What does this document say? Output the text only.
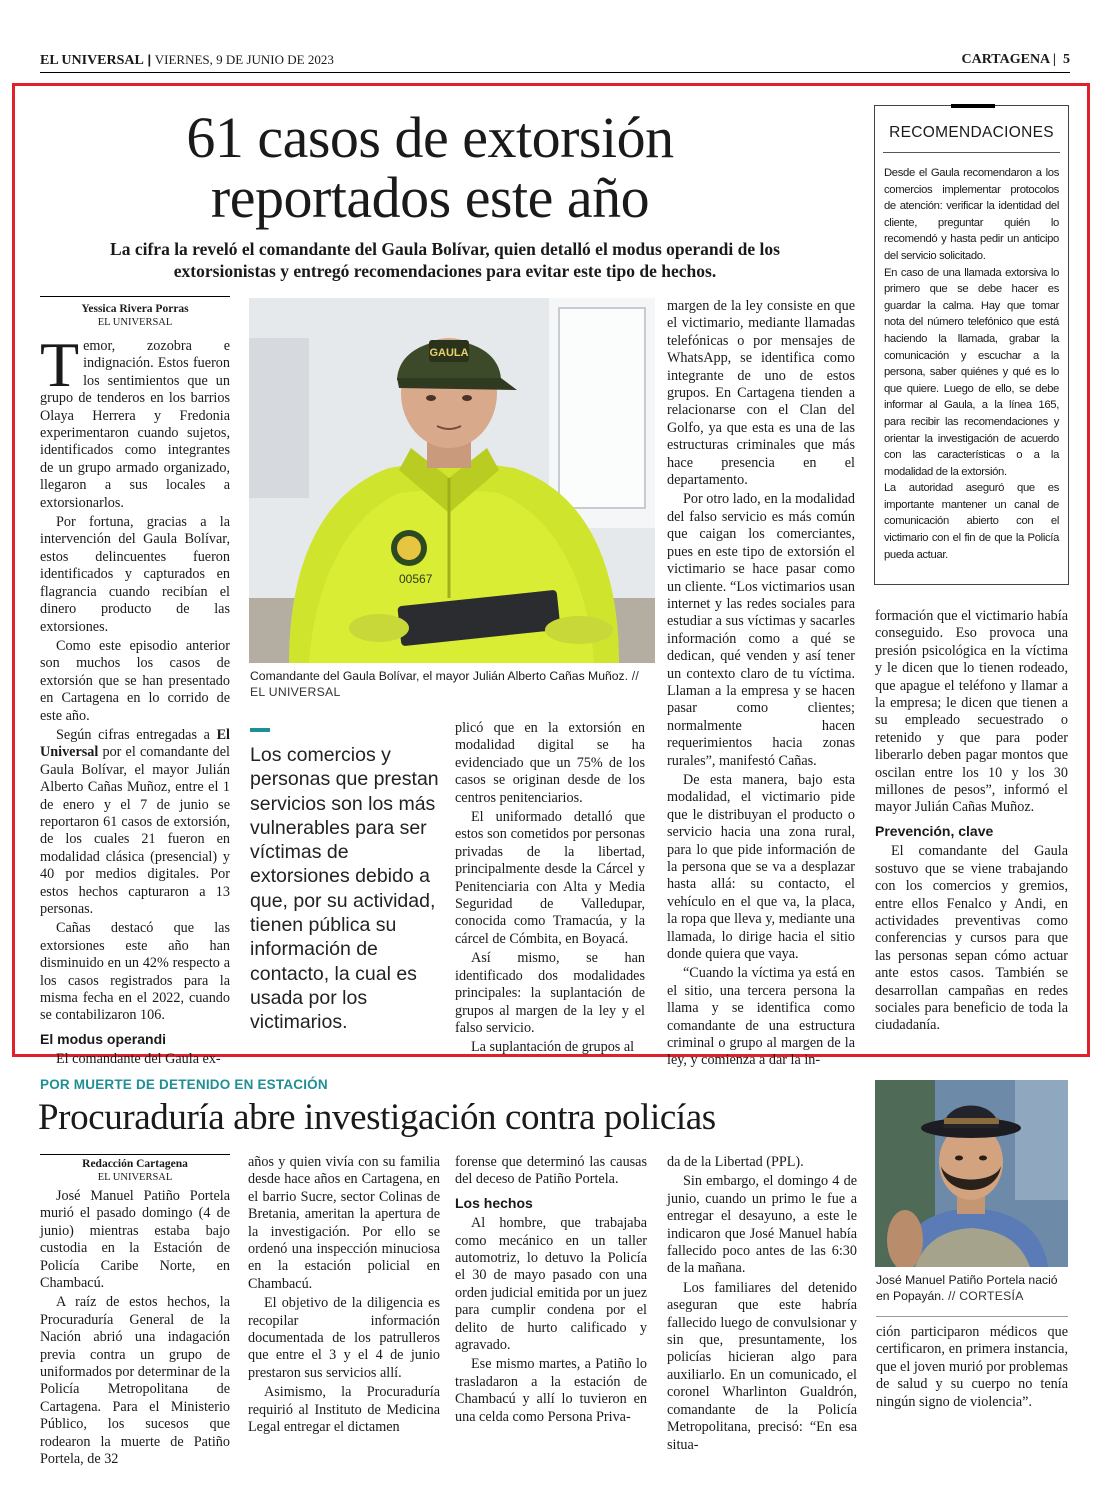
EL UNIVERSAL | VIERNES, 9 DE JUNIO DE 2023	CARTAGENA |  5
61 casos de extorsión
reportados este año
La cifra la reveló el comandante del Gaula Bolívar, quien detalló el modus operandi de los extorsionistas y entregó recomendaciones para evitar este tipo de hechos.
RECOMENDACIONES

Desde el Gaula recomendaron a los comercios implementar protocolos de atención: verificar la identidad del cliente, preguntar quién lo recomendó y hasta pedir un anticipo del servicio solicitado.

En caso de una llamada extorsiva lo primero que se debe hacer es guardar la calma. Hay que tomar nota del número telefónico que está haciendo la llamada, grabar la comunicación y escuchar a la persona, saber quiénes y qué es lo que quiere. Luego de ello, se debe informar al Gaula, a la línea 165, para recibir las recomendaciones y orientar la investigación de acuerdo con las características o a la modalidad de la extorsión.

La autoridad aseguró que es importante mantener un canal de comunicación abierto con el victimario con el fin de que la Policía pueda actuar.

Yessica Rivera Porras
EL UNIVERSAL
T emor, zozobra e indignación. Estos fueron los sentimientos que un grupo de tenderos en los barrios Olaya Herrera y Fredonia experimentaron cuando sujetos, identificados como integrantes de un grupo armado organizado, llegaron a sus locales a extorsionarlos.

Por fortuna, gracias a la intervención del Gaula Bolívar, estos delincuentes fueron identificados y capturados en flagrancia cuando recibían el dinero producto de las extorsiones.

Como este episodio anterior son muchos los casos de extorsión que se han presentado en Cartagena en lo corrido de este año.

Según cifras entregadas a El Universal por el comandante del Gaula Bolívar, el mayor Julián Alberto Cañas Muñoz, entre el 1 de enero y el 7 de junio se reportaron 61 casos de extorsión, de los cuales 21 fueron en modalidad clásica (presencial) y 40 por medios digitales. Por estos hechos capturaron a 13 personas.

Cañas destacó que las extorsiones este año han disminuido en un 42% respecto a los casos registrados para la misma fecha en el 2022, cuando se contabilizaron 106.

El modus operandi

El comandante del Gaula ex-

GAULA
00567
Comandante del Gaula Bolívar, el mayor Julián Alberto Cañas Muñoz. // EL UNIVERSAL
Los comercios y personas que prestan servicios son los más vulnerables para ser víctimas de extorsiones debido a que, por su actividad, tienen pública su información de contacto, la cual es usada por los victimarios.

plicó que en la extorsión en modalidad digital se ha evidenciado que un 75% de los casos se originan desde de los centros penitenciarios.

El uniformado detalló que estos son cometidos por personas privadas de la libertad, principalmente desde la Cárcel y Penitenciaria con Alta y Media Seguridad de Valledupar, conocida como Tramacúa, y la cárcel de Cómbita, en Boyacá.

Así mismo, se han identificado dos modalidades principales: la suplantación de grupos al margen de la ley y el falso servicio.

La suplantación de grupos al

margen de la ley consiste en que el victimario, mediante llamadas telefónicas o por mensajes de WhatsApp, se identifica como integrante de uno de estos grupos. En Cartagena tienden a relacionarse con el Clan del Golfo, ya que esta es una de las estructuras criminales que más hace presencia en el departamento.

Por otro lado, en la modalidad del falso servicio es más común que caigan los comerciantes, pues en este tipo de extorsión el victimario se hace pasar como un cliente. “Los victimarios usan internet y las redes sociales para estudiar a sus víctimas y sacarles información como a qué se dedican, qué venden y así tener un contexto claro de tu víctima. Llaman a la empresa y se hacen pasar como clientes; normalmente hacen requerimientos hacia zonas rurales”, manifestó Cañas.

De esta manera, bajo esta modalidad, el victimario pide que le distribuyan el producto o servicio hacia una zona rural, para lo que pide información de la persona que se va a desplazar hasta allá: su contacto, el vehículo en el que va, la placa, la ropa que lleva y, mediante una llamada, lo dirige hacia el sitio donde quiera que vaya.

“Cuando la víctima ya está en el sitio, una tercera persona la llama y se identifica como comandante de una estructura criminal o grupo al margen de la ley, y comienza a dar la in-

formación que el victimario había conseguido. Eso provoca una presión psicológica en la víctima y le dicen que lo tienen rodeado, que apague el teléfono y llamar a la empresa; le dicen que tienen a su empleado secuestrado o retenido y que para poder liberarlo deben pagar montos que oscilan entre los 10 y los 30 millones de pesos”, informó el mayor Julián Cañas Muñoz.

Prevención, clave

El comandante del Gaula sostuvo que se viene trabajando con los comercios y gremios, entre ellos Fenalco y Andi, en actividades preventivas como conferencias y cursos para que las personas sepan cómo actuar ante estos casos. También se desarrollan campañas en redes sociales para beneficio de toda la ciudadanía.

POR MUERTE DE DETENIDO EN ESTACIÓN
Procuraduría abre investigación contra policías
Redacción Cartagena
EL UNIVERSAL

José Manuel Patiño Portela murió el pasado domingo (4 de junio) mientras estaba bajo custodia en la Estación de Policía Caribe Norte, en Chambacú.

A raíz de estos hechos, la Procuraduría General de la Nación abrió una indagación previa contra un grupo de uniformados por determinar de la Policía Metropolitana de Cartagena. Para el Ministerio Público, los sucesos que rodearon la muerte de Patiño Portela, de 32

años y quien vivía con su familia desde hace años en Cartagena, en el barrio Sucre, sector Colinas de Bretania, ameritan la apertura de la investigación. Por ello se ordenó una inspección minuciosa en la estación policial en Chambacú.

El objetivo de la diligencia es recopilar información documentada de los patrulleros que entre el 3 y el 4 de junio prestaron sus servicios allí.

Asimismo, la Procuraduría requirió al Instituto de Medicina Legal entregar el dictamen

forense que determinó las causas del deceso de Patiño Portela.

Los hechos

Al hombre, que trabajaba como mecánico en un taller automotriz, lo detuvo la Policía el 30 de mayo pasado con una orden judicial emitida por un juez para cumplir condena por el delito de hurto calificado y agravado.

Ese mismo martes, a Patiño lo trasladaron a la estación de Chambacú y allí lo tuvieron en una celda como Persona Priva-

da de la Libertad (PPL).

Sin embargo, el domingo 4 de junio, cuando un primo le fue a entregar el desayuno, a este le indicaron que José Manuel había fallecido poco antes de las 6:30 de la mañana.

Los familiares del detenido aseguran que este habría fallecido luego de convulsionar y sin que, presuntamente, los policías hicieran algo para auxiliarlo. En un comunicado, el coronel Wharlinton Gualdrón, comandante de la Policía Metropolitana, precisó: “En esa situa-

José Manuel Patiño Portela nació en Popayán. // CORTESÍA

ción participaron médicos que certificaron, en primera instancia, que el joven murió por problemas de salud y su cuerpo no tenía ningún signo de violencia”.
